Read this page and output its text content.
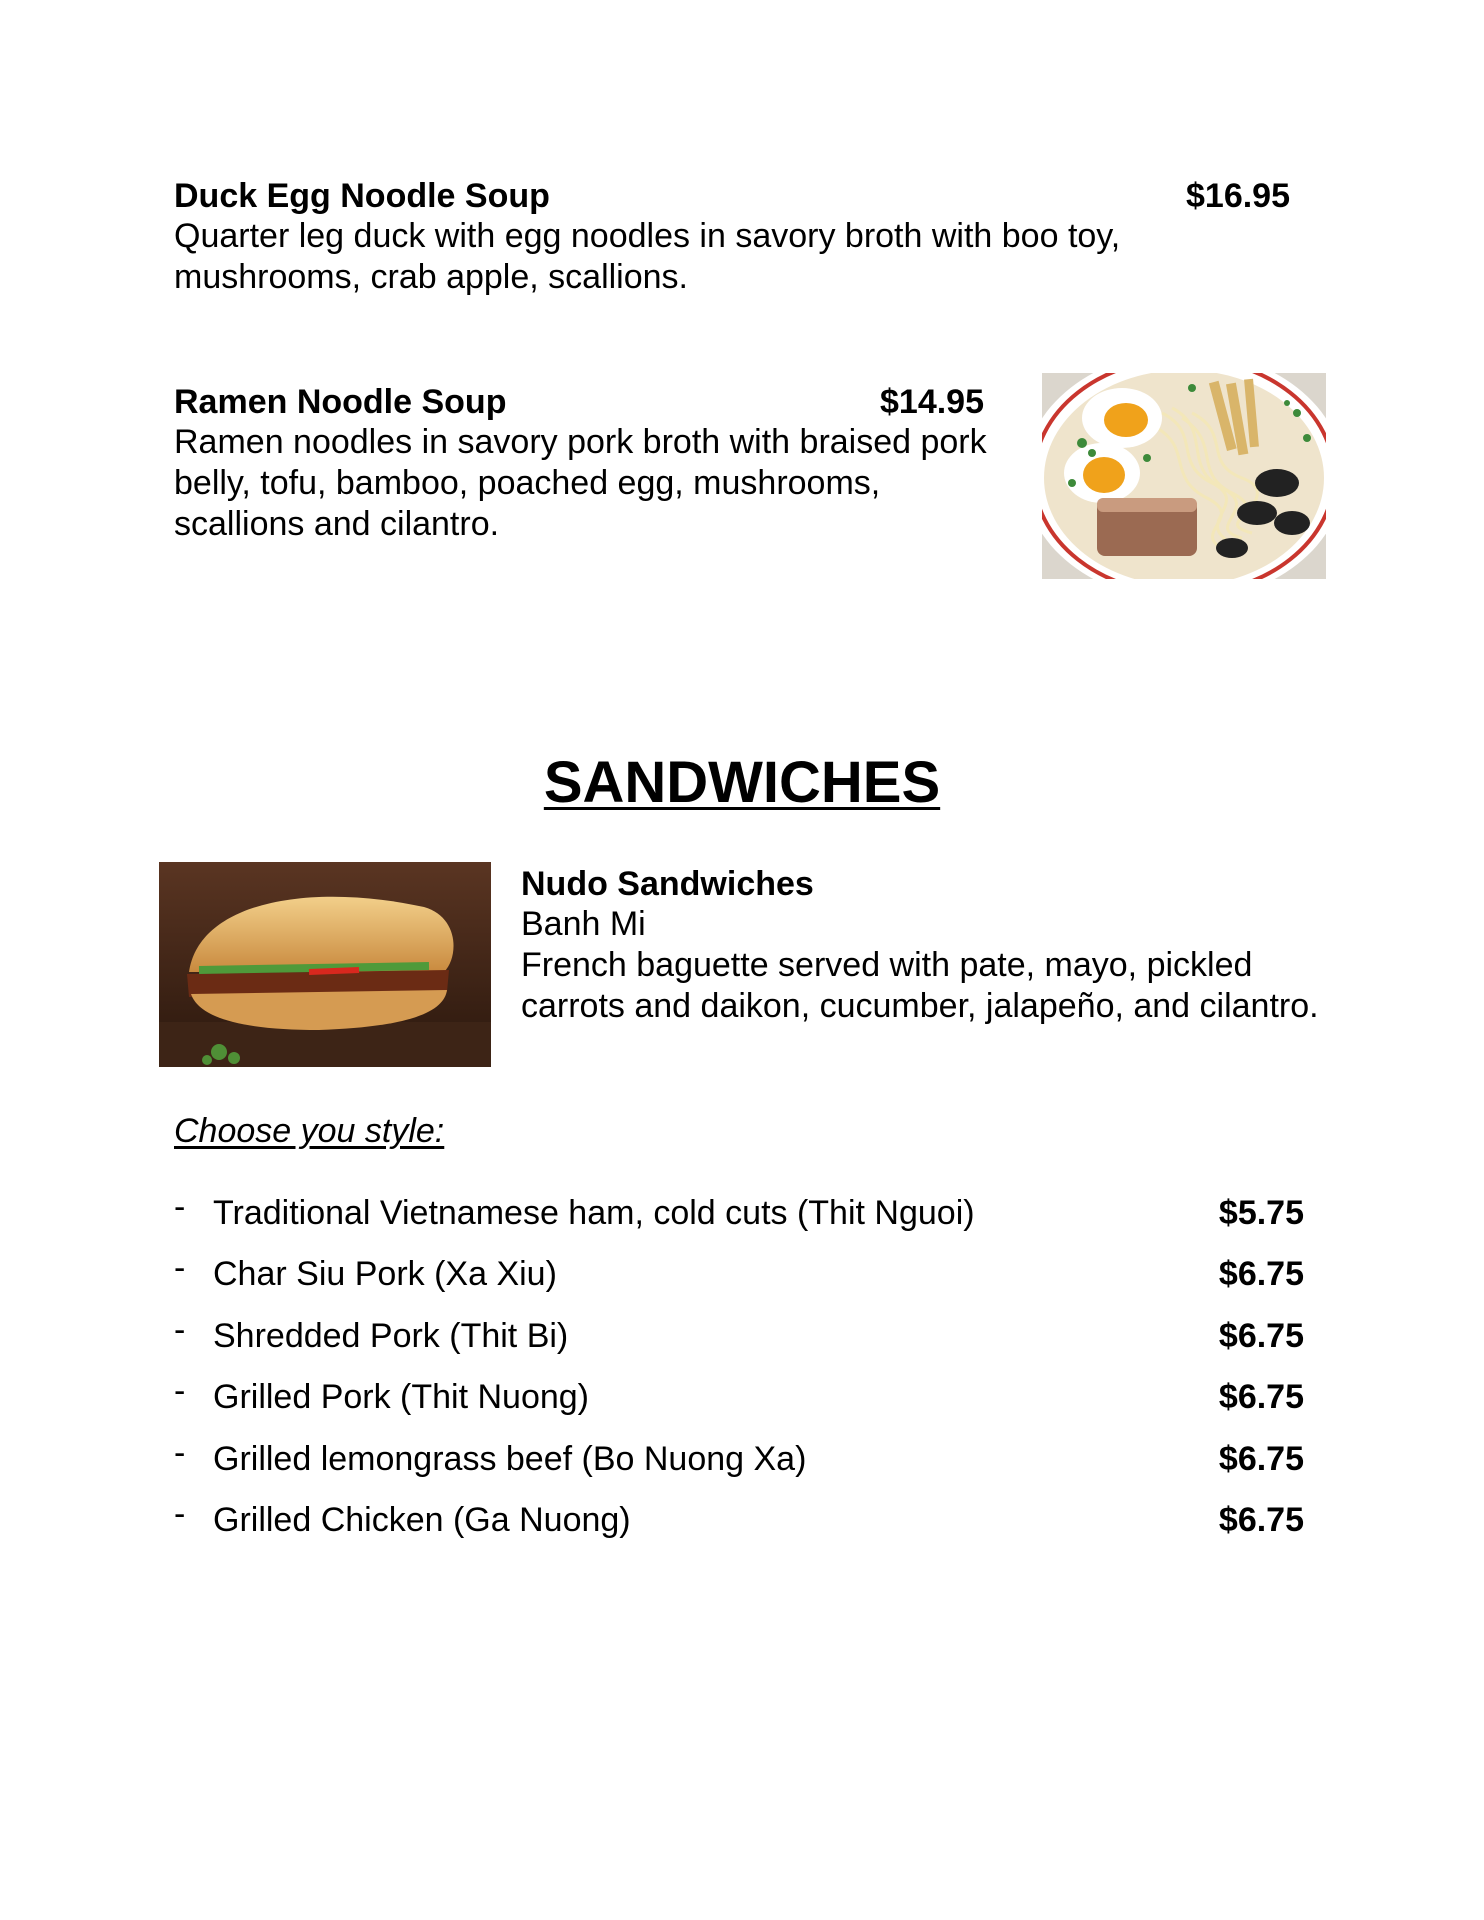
Duck Egg Noodle Soup	$16.95
Quarter leg duck with egg noodles in savory broth with boo toy, mushrooms, crab apple, scallions.
Ramen Noodle Soup	$14.95
Ramen noodles in savory pork broth with braised pork belly, tofu, bamboo, poached egg, mushrooms, scallions and cilantro.
SANDWICHES
Nudo Sandwiches
Banh Mi
French baguette served with pate, mayo, pickled carrots and daikon, cucumber, jalapeño, and cilantro.
Choose you style:
- Traditional Vietnamese ham, cold cuts (Thit Nguoi)	$5.75
- Char Siu Pork (Xa Xiu)	$6.75
- Shredded Pork (Thit Bi)	$6.75
- Grilled Pork (Thit Nuong)	$6.75
- Grilled lemongrass beef (Bo Nuong Xa)	$6.75
- Grilled Chicken (Ga Nuong)	$6.75
